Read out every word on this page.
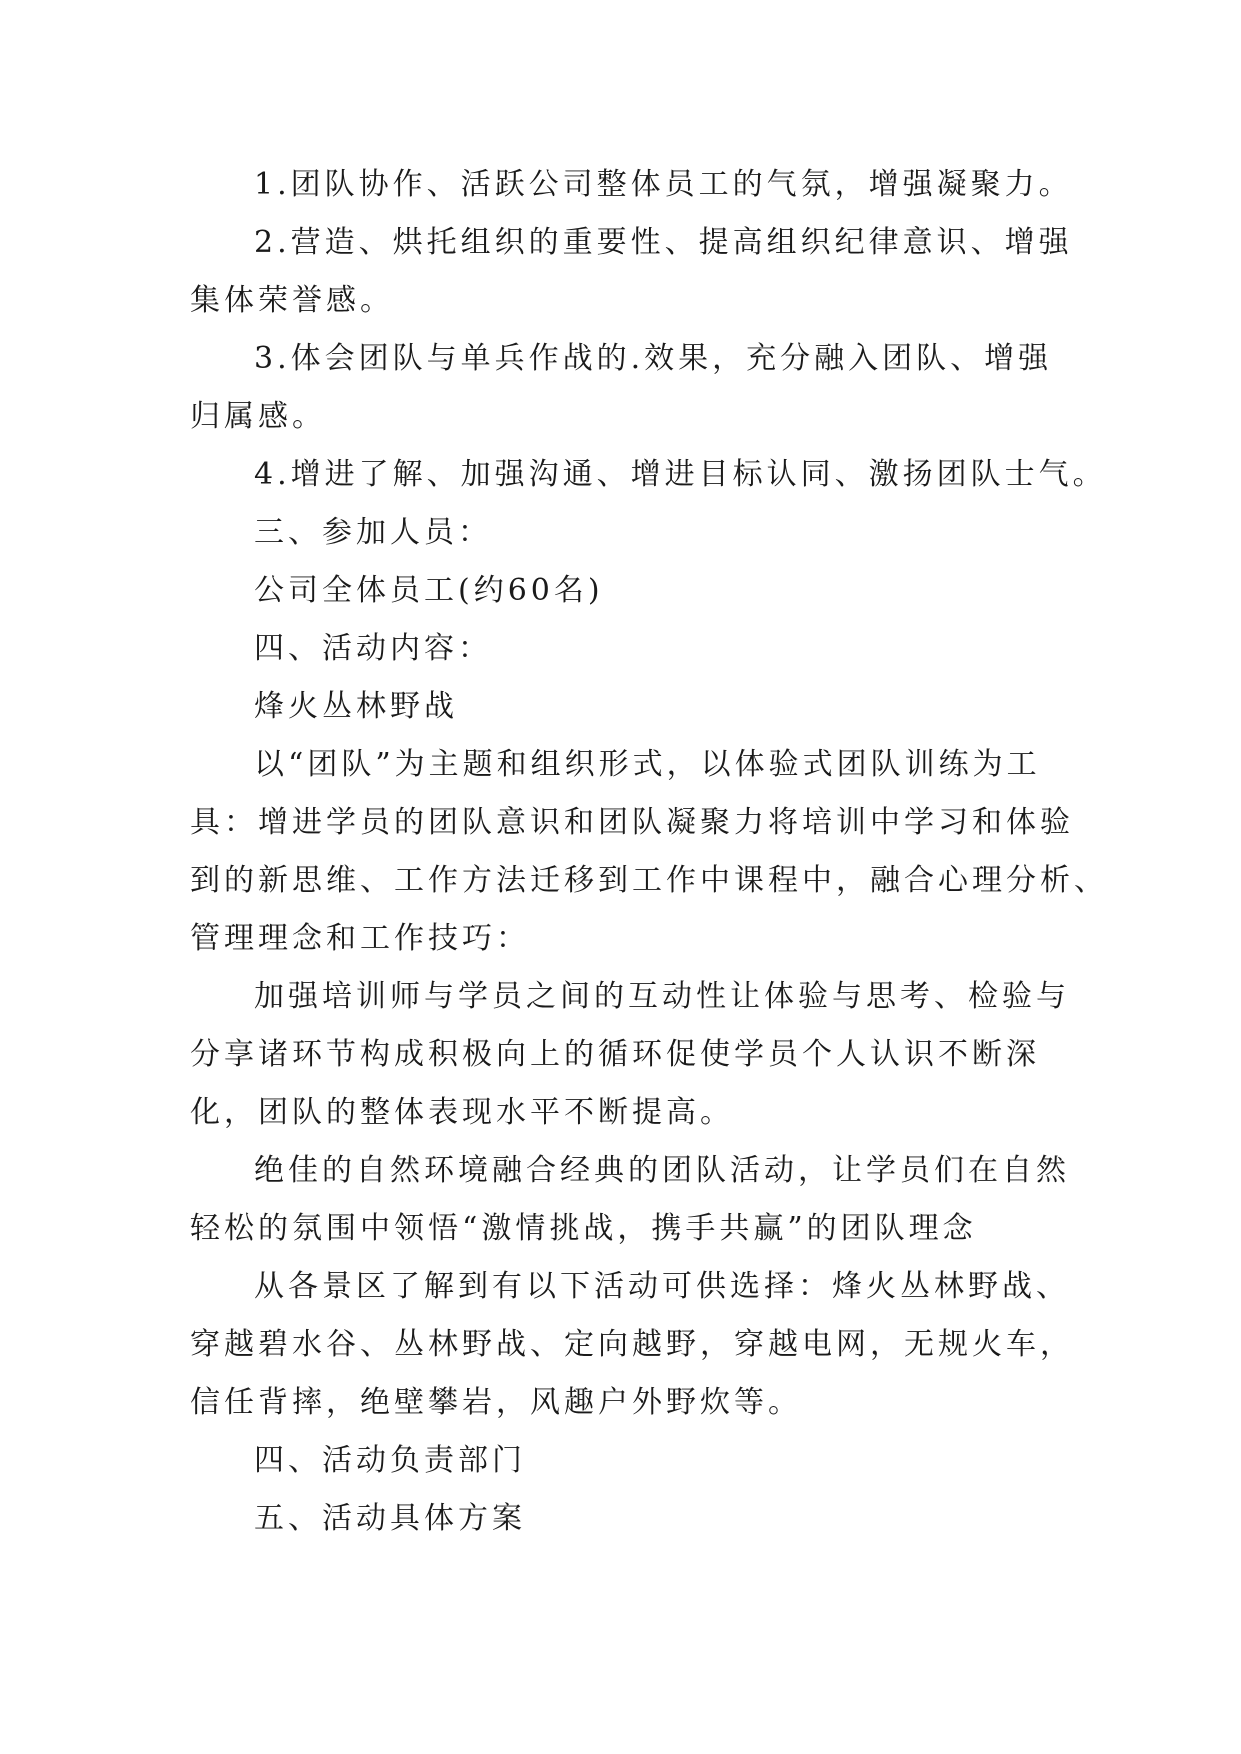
1.团队协作、活跃公司整体员工的气氛，增强凝聚力。
2.营造、烘托组织的重要性、提高组织纪律意识、增强
集体荣誉感。
3.体会团队与单兵作战的.效果，充分融入团队、增强
归属感。
4.增进了解、加强沟通、增进目标认同、激扬团队士气。
三、参加人员：
公司全体员工(约60名)
四、活动内容：
烽火丛林野战
以“团队”为主题和组织形式，以体验式团队训练为工
具：增进学员的团队意识和团队凝聚力将培训中学习和体验
到的新思维、工作方法迁移到工作中课程中，融合心理分析、
管理理念和工作技巧：
加强培训师与学员之间的互动性让体验与思考、检验与
分享诸环节构成积极向上的循环促使学员个人认识不断深
化，团队的整体表现水平不断提高。
绝佳的自然环境融合经典的团队活动，让学员们在自然
轻松的氛围中领悟“激情挑战，携手共赢”的团队理念
从各景区了解到有以下活动可供选择：烽火丛林野战、
穿越碧水谷、丛林野战、定向越野，穿越电网，无规火车，
信任背摔，绝壁攀岩，风趣户外野炊等。
四、活动负责部门
五、活动具体方案
